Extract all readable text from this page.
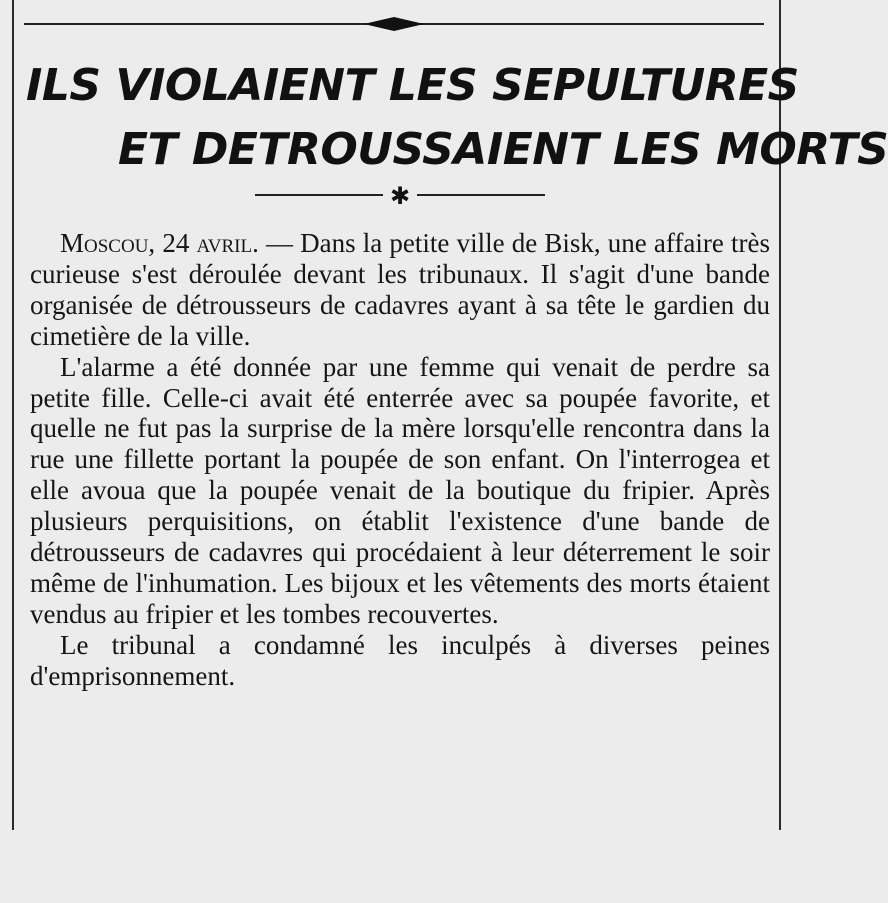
ILS VIOLAIENT LES SEPULTURES
ET DETROUSSAIENT LES MORTS
✱

Moscou, 24 avril. — Dans la petite ville de Bisk, une affaire très curieuse s'est déroulée devant les tribunaux. Il s'agit d'une bande organisée de détrousseurs de cadavres ayant à sa tête le gardien du cimetière de la ville.

L'alarme a été donnée par une femme qui venait de perdre sa petite fille. Celle-ci avait été enterrée avec sa poupée favorite, et quelle ne fut pas la surprise de la mère lorsqu'elle rencontra dans la rue une fillette portant la poupée de son enfant. On l'interrogea et elle avoua que la poupée venait de la boutique du fripier. Après plusieurs perquisitions, on établit l'existence d'une bande de détrousseurs de cadavres qui procédaient à leur déterrement le soir même de l'inhumation. Les bijoux et les vêtements des morts étaient vendus au fripier et les tombes recouvertes.

Le tribunal a condamné les inculpés à diverses peines d'emprisonnement.
